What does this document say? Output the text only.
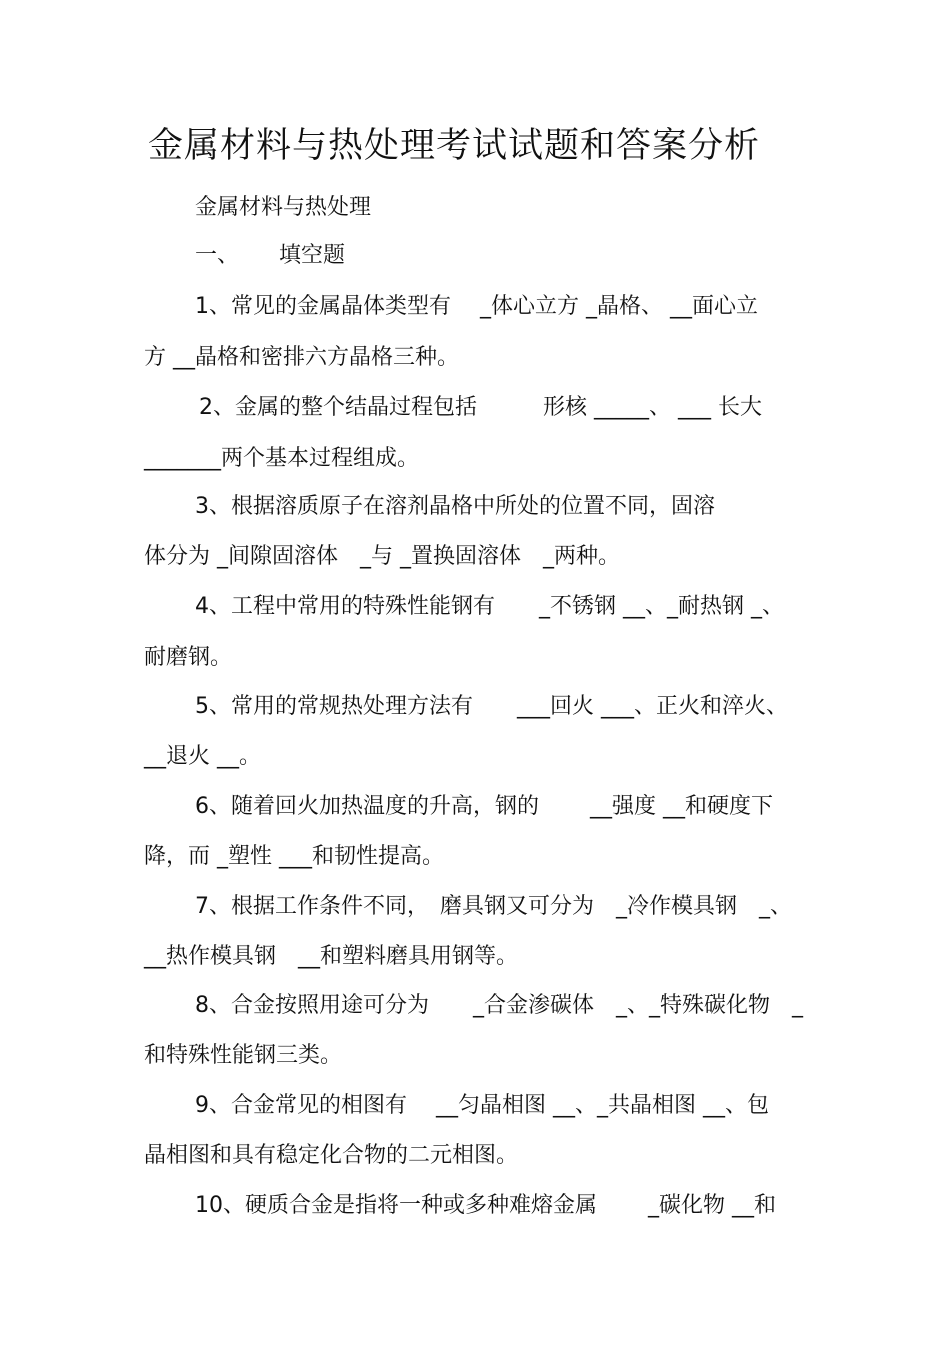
金属材料与热处理考试试题和答案分析
金属材料与热处理
一、 填空题
1、常见的金属晶体类型有　 _体心立方 _晶格、 __面心立
方 __晶格和密排六方晶格三种。
2、金属的整个结晶过程包括　　　形核 _____、 ___ 长大
_______两个基本过程组成。
3、根据溶质原子在溶剂晶格中所处的位置不同，固溶
体分为 _间隙固溶体　_与 _置换固溶体　_两种。
4、工程中常用的特殊性能钢有　　_不锈钢 __、_耐热钢 _、
耐磨钢。
5、常用的常规热处理方法有　　___回火 ___、正火和淬火、
__退火 __。
6、随着回火加热温度的升高，钢的　　 __强度 __和硬度下
降，而 _塑性 ___和韧性提高。
7、根据工作条件不同，　磨具钢又可分为　_冷作模具钢　_、
__热作模具钢　__和塑料磨具用钢等。
8、合金按照用途可分为　　_合金渗碳体　_、_特殊碳化物　_
和特殊性能钢三类。
9、合金常见的相图有　 __匀晶相图 __、_共晶相图 __、包
晶相图和具有稳定化合物的二元相图。
10、硬质合金是指将一种或多种难熔金属　　 _碳化物 __和
